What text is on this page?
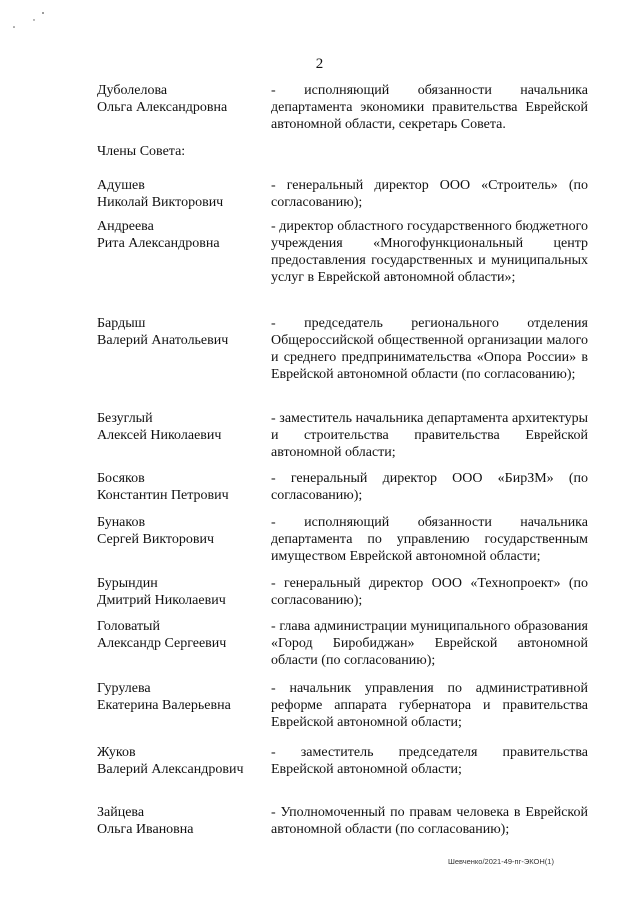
2
Дуболелова
Ольга Александровна
- исполняющий обязанности начальника департамента экономики правительства Еврейской автономной области, секретарь Совета.
Члены Совета:
Адушев
Николай Викторович
- генеральный директор ООО «Строитель» (по согласованию);
Андреева
Рита Александровна
- директор областного государственного бюджетного учреждения «Многофункциональный центр предоставления государственных и муниципальных услуг в Еврейской автономной области»;
Бардыш
Валерий Анатольевич
- председатель регионального отделения Общероссийской общественной организации малого и среднего предпринимательства «Опора России» в Еврейской автономной области (по согласованию);
Безуглый
Алексей Николаевич
- заместитель начальника департамента архитектуры и строительства правительства Еврейской автономной области;
Босяков
Константин Петрович
- генеральный директор ООО «БирЗМ» (по согласованию);
Бунаков
Сергей Викторович
- исполняющий обязанности начальника департамента по управлению государственным имуществом Еврейской автономной области;
Бурындин
Дмитрий Николаевич
- генеральный директор ООО «Технопроект» (по согласованию);
Головатый
Александр Сергеевич
- глава администрации муниципального образования «Город Биробиджан» Еврейской автономной области (по согласованию);
Гурулева
Екатерина Валерьевна
- начальник управления по административной реформе аппарата губернатора и правительства Еврейской автономной области;
Жуков
Валерий Александрович
- заместитель председателя правительства Еврейской автономной области;
Зайцева
Ольга Ивановна
- Уполномоченный по правам человека в Еврейской автономной области (по согласованию);
Шевченко/2021-49-пг-ЭКОН(1)
